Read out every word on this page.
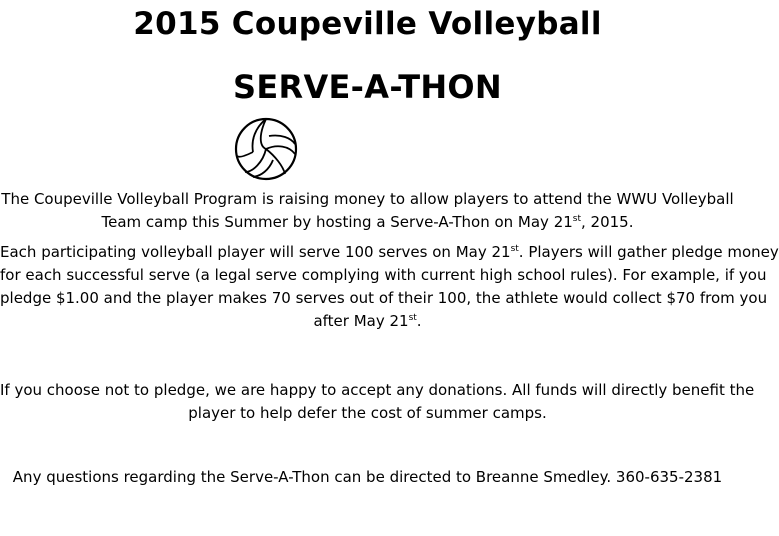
2015 Coupeville Volleyball
SERVE-A-THON

The Coupeville Volleyball Program is raising money to allow players to attend the WWU Volleyball
Team camp this Summer by hosting a Serve-A-Thon on May 21st, 2015.

Each participating volleyball player will serve 100 serves on May 21st. Players will gather pledge money
for each successful serve (a legal serve complying with current high school rules). For example, if you
pledge $1.00 and the player makes 70 serves out of their 100, the athlete would collect $70 from you
after May 21st.

If you choose not to pledge, we are happy to accept any donations. All funds will directly benefit the
player to help defer the cost of summer camps.

Any questions regarding the Serve-A-Thon can be directed to Breanne Smedley. 360-635-2381
